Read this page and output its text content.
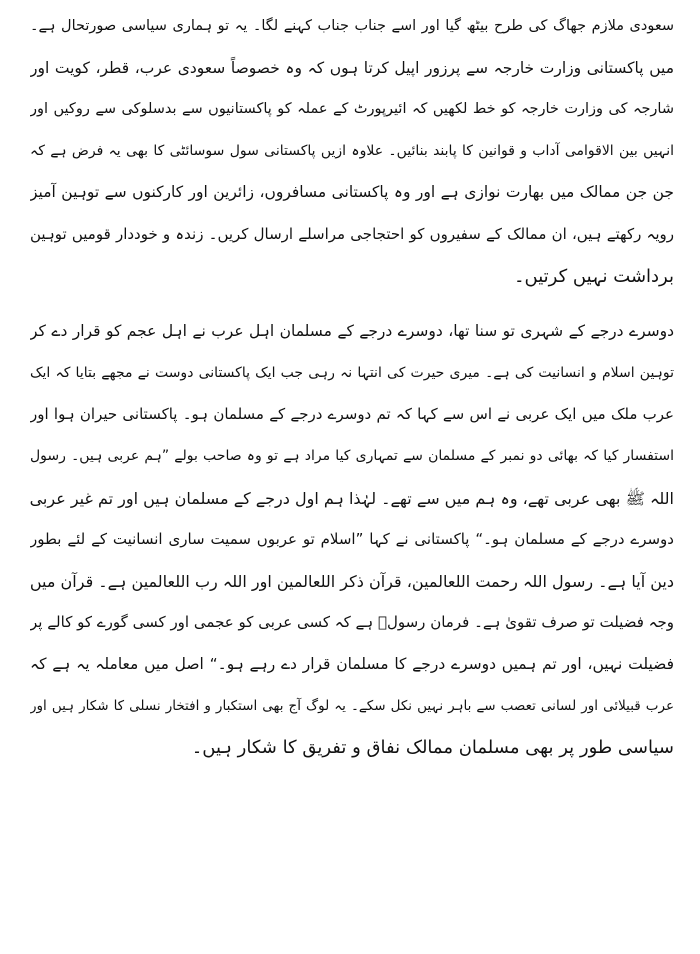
سعودی ملازم جھاگ کی طرح بیٹھ گیا اور اسے جناب جناب کہنے لگا۔ یہ تو ہماری سیاسی صورتحال ہے۔
میں پاکستانی وزارت خارجہ سے پرزور اپیل کرتا ہوں کہ وہ خصوصاً سعودی عرب، قطر، کویت اور
شارجہ کی وزارت خارجہ کو خط لکھیں کہ ائیرپورٹ کے عملہ کو پاکستانیوں سے بدسلوکی سے روکیں اور
انہیں بین الاقوامی آداب و قوانین کا پابند بنائیں۔ علاوہ ازیں پاکستانی سول سوسائٹی کا بھی یہ فرض ہے کہ
جن جن ممالک میں بھارت نوازی ہے اور وہ پاکستانی مسافروں، زائرین اور کارکنوں سے توہین آمیز
رویہ رکھتے ہیں، ان ممالک کے سفیروں کو احتجاجی مراسلے ارسال کریں۔ زندہ و خوددار قومیں توہین
برداشت نہیں کرتیں۔
دوسرے درجے کے شہری تو سنا تھا، دوسرے درجے کے مسلمان اہل عرب نے اہل عجم کو قرار دے کر
توہین اسلام و انسانیت کی ہے۔ میری حیرت کی انتہا نہ رہی جب ایک پاکستانی دوست نے مجھے بتایا کہ ایک
عرب ملک میں ایک عربی نے اس سے کہا کہ تم دوسرے درجے کے مسلمان ہو۔ پاکستانی حیران ہوا اور
استفسار کیا کہ بھائی دو نمبر کے مسلمان سے تمہاری کیا مراد ہے تو وہ صاحب بولے ”ہم عربی ہیں۔ رسول
اللہ ﷺ بھی عربی تھے، وہ ہم میں سے تھے۔ لہٰذا ہم اول درجے کے مسلمان ہیں اور تم غیر عربی
دوسرے درجے کے مسلمان ہو۔“ پاکستانی نے کہا ”اسلام تو عربوں سمیت ساری انسانیت کے لئے بطور
دین آیا ہے۔ رسول اللہ رحمت اللعالمین، قرآن ذکر اللعالمین اور اللہ رب اللعالمین ہے۔ قرآن میں
وجہ فضیلت تو صرف تقویٰ ہے۔ فرمان رسولؐ ہے کہ کسی عربی کو عجمی اور کسی گورے کو کالے پر
فضیلت نہیں، اور تم ہمیں دوسرے درجے کا مسلمان قرار دے رہے ہو۔“ اصل میں معاملہ یہ ہے کہ
عرب قبیلائی اور لسانی تعصب سے باہر نہیں نکل سکے۔ یہ لوگ آج بھی استکبار و افتخار نسلی کا شکار ہیں اور
سیاسی طور پر بھی مسلمان ممالک نفاق و تفریق کا شکار ہیں۔
